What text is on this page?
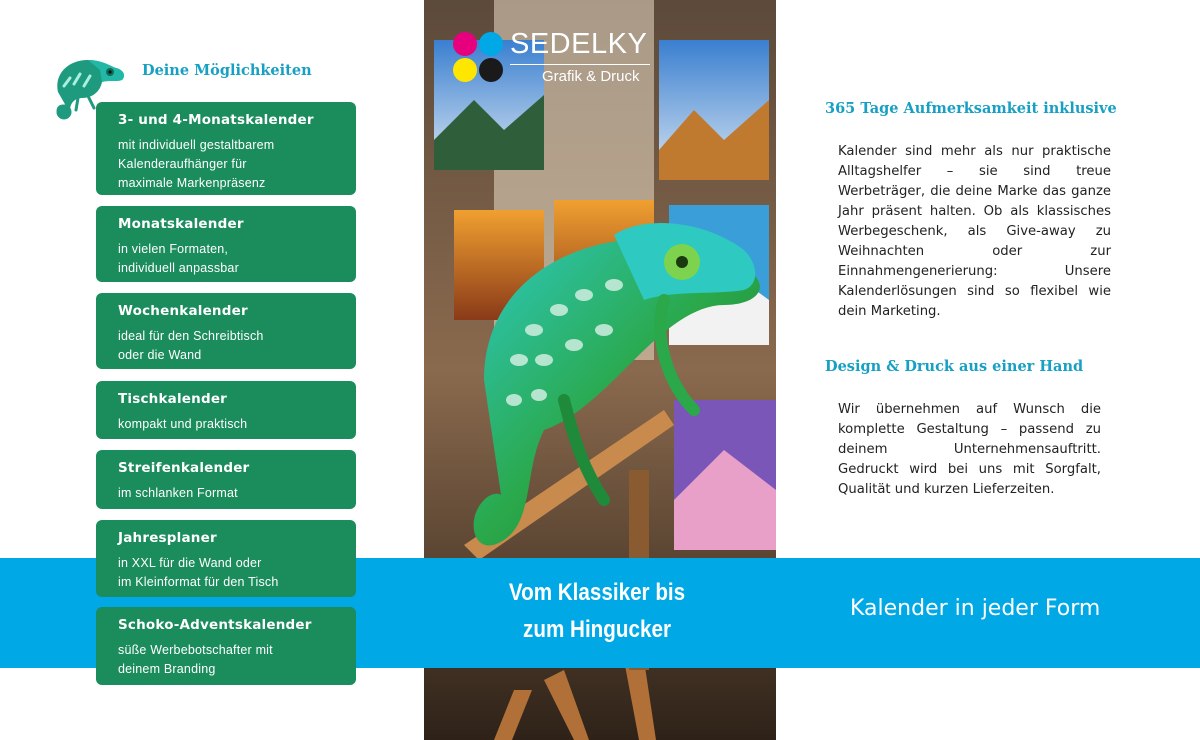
Deine Möglichkeiten
3- und 4-Monatskalender
mit individuell gestaltbarem
Kalenderaufhänger für
maximale Markenpräsenz
Monatskalender
in vielen Formaten,
individuell anpassbar
Wochenkalender
ideal für den Schreibtisch
oder die Wand
Tischkalender
kompakt und praktisch
Streifenkalender
im schlanken Format
Jahresplaner
in XXL für die Wand oder
im Kleinformat für den Tisch
Schoko-Adventskalender
süße Werbebotschafter mit
deinem Branding
SEDELKY
Grafik & Druck
Vom Klassiker bis
zum Hingucker
Kalender in jeder Form
365 Tage Aufmerksamkeit inklusive
Kalender sind mehr als nur praktische Alltagshelfer – sie sind treue Werbeträger, die deine Marke das ganze Jahr präsent halten. Ob als klassisches Werbegeschenk, als Give-away zu Weihnachten oder zur Einnahmengenerierung: Unsere Kalenderlösungen sind so flexibel wie dein Marketing.
Design & Druck aus einer Hand
Wir übernehmen auf Wunsch die komplette Gestaltung – passend zu deinem Unternehmensauftritt. Gedruckt wird bei uns mit Sorgfalt, Qualität und kurzen Lieferzeiten.
